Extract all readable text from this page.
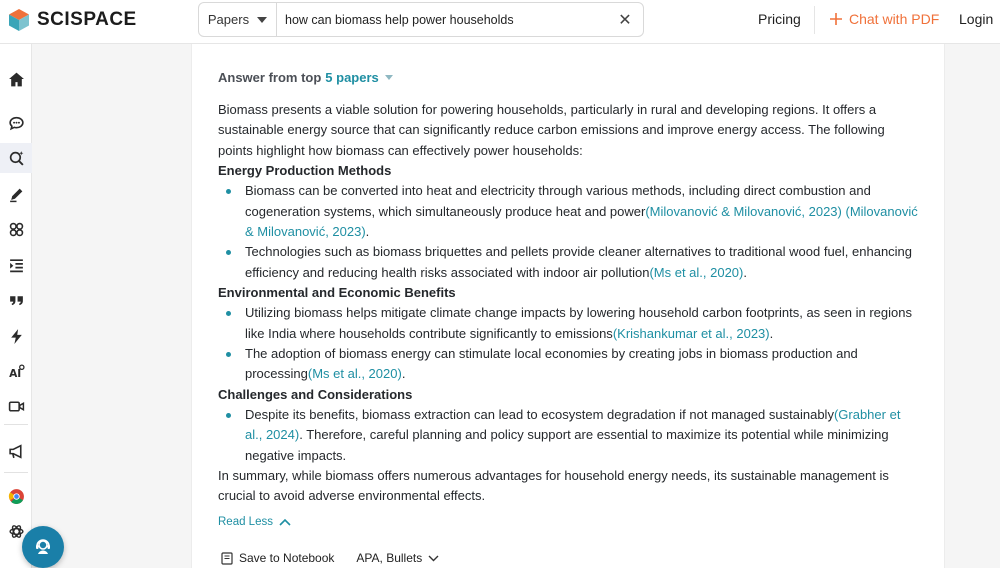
SCISPACE	Papers
how can biomass help power households	✕	Pricing	Chat with PDF Login
AI
Answer from top 5 papers

Biomass presents a viable solution for powering households, particularly in rural and developing regions. It offers a sustainable energy source that can significantly reduce carbon emissions and improve energy access. The following points highlight how biomass can effectively power households:

Energy Production Methods
Biomass can be converted into heat and electricity through various methods, including direct combustion and cogeneration systems, which simultaneously produce heat and power(Milovanović & Milovanović, 2023) (Milovanović & Milovanović, 2023).
Technologies such as biomass briquettes and pellets provide cleaner alternatives to traditional wood fuel, enhancing efficiency and reducing health risks associated with indoor air pollution(Ms et al., 2020).
Environmental and Economic Benefits
Utilizing biomass helps mitigate climate change impacts by lowering household carbon footprints, as seen in regions like India where households contribute significantly to emissions(Krishankumar et al., 2023).
The adoption of biomass energy can stimulate local economies by creating jobs in biomass production and processing(Ms et al., 2020).
Challenges and Considerations
Despite its benefits, biomass extraction can lead to ecosystem degradation if not managed sustainably(Grabher et al., 2024). Therefore, careful planning and policy support are essential to maximize its potential while minimizing negative impacts.

In summary, while biomass offers numerous advantages for household energy needs, its sustainable management is crucial to avoid adverse environmental effects.

Read Less
Save to Notebook APA, Bullets
